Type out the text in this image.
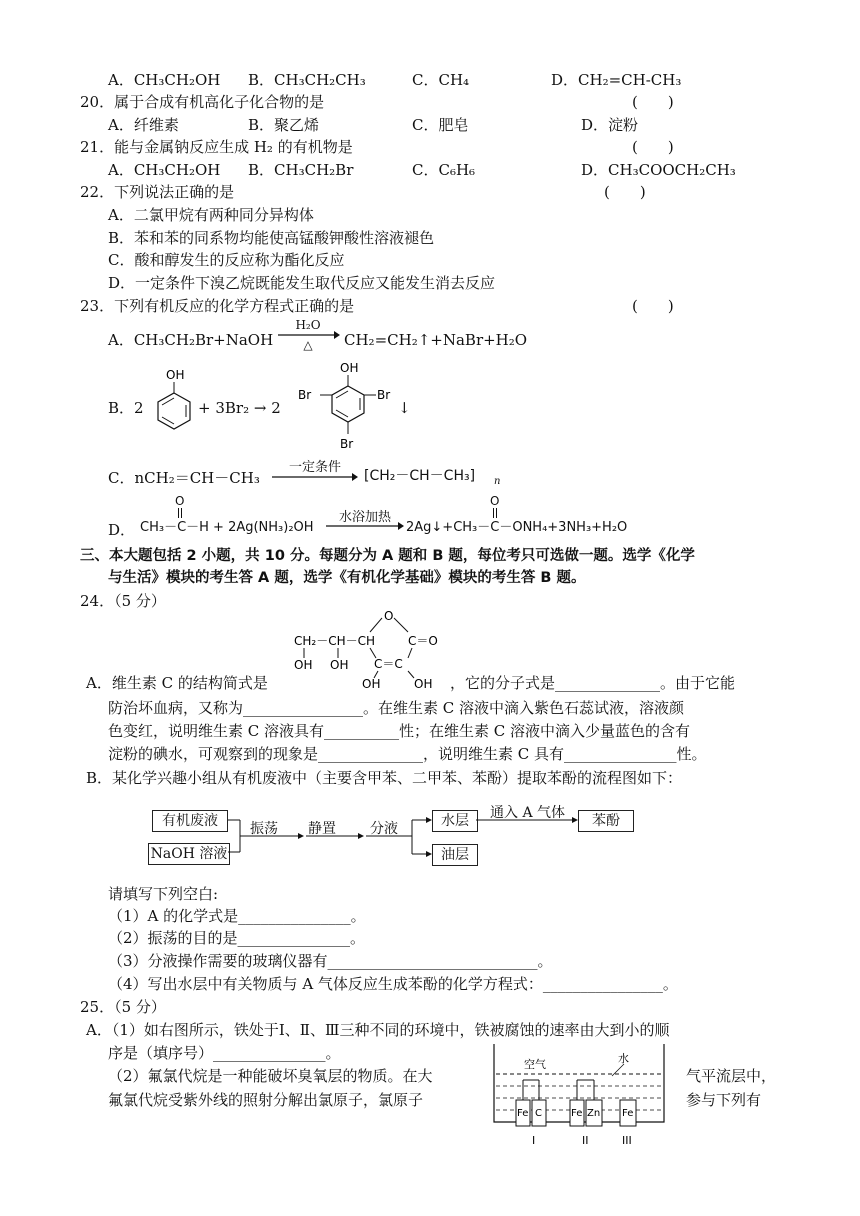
A．CH₃CH₂OH B．CH₃CH₂CH₃	C．CH₄	D．CH₂=CH-CH₃
20．属于合成有机高化子化合物的是	(　　)
A．纤维素	B．聚乙烯	C．肥皂	D．淀粉
21．能与金属钠反应生成 H₂ 的有机物是	(　　)
A．CH₃CH₂OH B．CH₃CH₂Br	C．C₆H₆	D．CH₃COOCH₂CH₃
22．下列说法正确的是	(　　)
A．二氯甲烷有两种同分异构体
B．苯和苯的同系物均能使高锰酸钾酸性溶液褪色
C．酸和醇发生的反应称为酯化反应
D．一定条件下溴乙烷既能发生取代反应又能发生消去反应
23．下列有机反应的化学方程式正确的是	(　　)
A．CH₃CH₂Br+NaOH
H₂O
△	CH₂=CH₂↑+NaBr+H₂O
B．2
OH
+ 3Br₂ → 2
OH
Br	Br
Br
↓
C．nCH₂＝CH－CH₃
一定条件
[CH₂－CH－CH₃] n
D．
O
CH₃－C－H + 2Ag(NH₃)₂OH
水浴加热
O
2Ag↓+CH₃－C－ONH₄+3NH₃+H₂O
三、本大题包括 2 小题，共 10 分。每题分为 A 题和 B 题，每位考只可选做一题。选学《化学
与生活》模块的考生答 A 题，选学《有机化学基础》模块的考生答 B 题。
24．（5 分）
O
CH₂－CH－CH	C＝O
OH OH C＝C
OH	OH
A．维生素 C 的结构简式是	，它的分子式是______________。由于它能
防治坏血病，又称为________________。在维生素 C 溶液中滴入紫色石蕊试液，溶液颜
色变红，说明维生素 C 溶液具有__________性；在维生素 C 溶液中滴入少量蓝色的含有
淀粉的碘水，可观察到的现象是______________，说明维生素 C 具有_______________性。
B．某化学兴趣小组从有机废液中（主要含甲苯、二甲苯、苯酚）提取苯酚的流程图如下：
有机废液
NaOH 溶液
振荡 静置 分液	水层
油层
通入 A 气体	苯酚
请填写下列空白:
（1）A 的化学式是_______________。
（2）振荡的目的是_______________。
（3）分液操作需要的玻璃仪器有____________________________。
（4）写出水层中有关物质与 A 气体反应生成苯酚的化学方程式：________________。
25．（5 分）
A．（1）如右图所示，铁处于Ⅰ、Ⅱ、Ⅲ三种不同的环境中，铁被腐蚀的速率由大到小的顺
序是（填序号）_______________。
（2）氟氯代烷是一种能破坏臭氧层的物质。在大	气平流层中，
氟氯代烷受紫外线的照射分解出氯原子，氯原子	参与下列有
空气	水
Fe C	Fe Zn Fe
I	II	III
